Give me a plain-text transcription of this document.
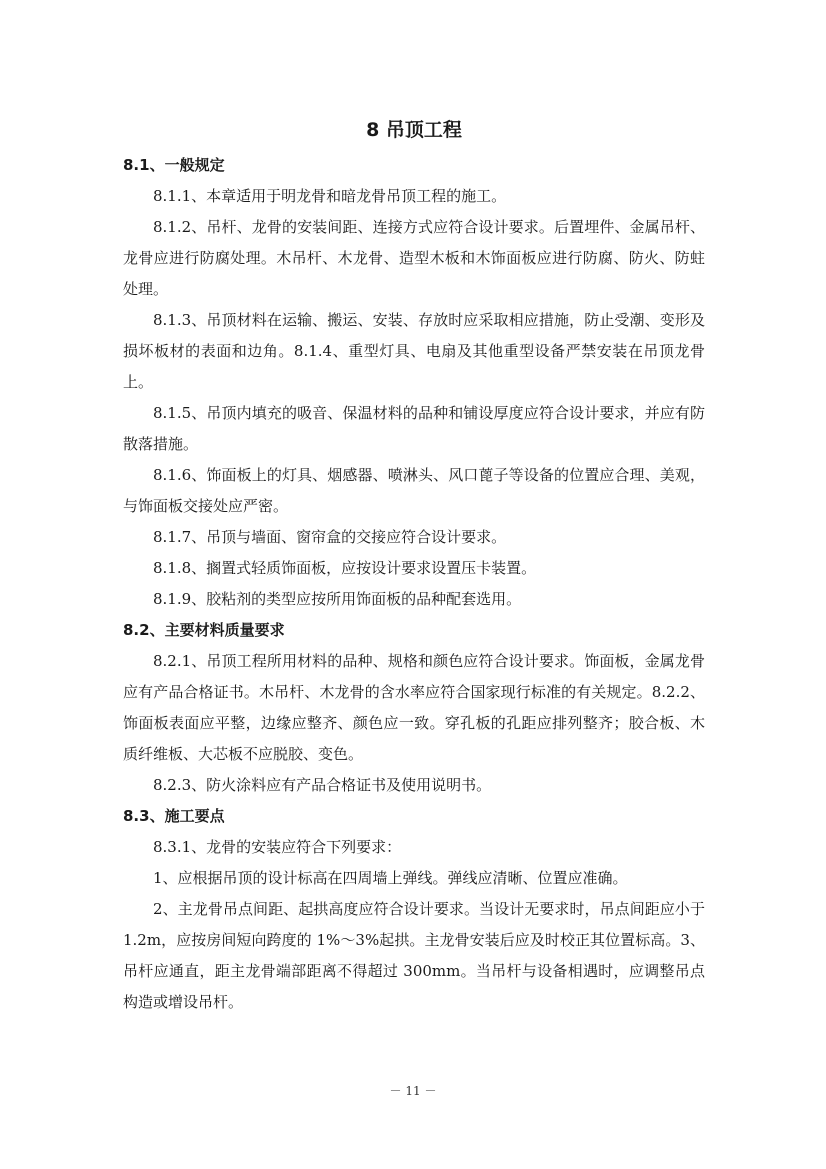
8 吊顶工程
8.1、一般规定

8.1.1、本章适用于明龙骨和暗龙骨吊顶工程的施工。

8.1.2、吊杆、龙骨的安装间距、连接方式应符合设计要求。后置埋件、金属吊杆、龙骨应进行防腐处理。木吊杆、木龙骨、造型木板和木饰面板应进行防腐、防火、防蛀处理。

8.1.3、吊顶材料在运输、搬运、安装、存放时应采取相应措施，防止受潮、变形及损坏板材的表面和边角。8.1.4、重型灯具、电扇及其他重型设备严禁安装在吊顶龙骨上。

8.1.5、吊顶内填充的吸音、保温材料的品种和铺设厚度应符合设计要求，并应有防散落措施。

8.1.6、饰面板上的灯具、烟感器、喷淋头、风口蓖子等设备的位置应合理、美观，与饰面板交接处应严密。

8.1.7、吊顶与墙面、窗帘盒的交接应符合设计要求。

8.1.8、搁置式轻质饰面板，应按设计要求设置压卡装置。

8.1.9、胶粘剂的类型应按所用饰面板的品种配套选用。

8.2、主要材料质量要求

8.2.1、吊顶工程所用材料的品种、规格和颜色应符合设计要求。饰面板，金属龙骨应有产品合格证书。木吊杆、木龙骨的含水率应符合国家现行标准的有关规定。8.2.2、饰面板表面应平整，边缘应整齐、颜色应一致。穿孔板的孔距应排列整齐；胶合板、木质纤维板、大芯板不应脱胶、变色。

8.2.3、防火涂料应有产品合格证书及使用说明书。

8.3、施工要点

8.3.1、龙骨的安装应符合下列要求：

1、应根据吊顶的设计标高在四周墙上弹线。弹线应清晰、位置应准确。

2、主龙骨吊点间距、起拱高度应符合设计要求。当设计无要求时，吊点间距应小于 1.2m，应按房间短向跨度的 1%～3%起拱。主龙骨安装后应及时校正其位置标高。3、吊杆应通直，距主龙骨端部距离不得超过 300mm。当吊杆与设备相遇时，应调整吊点构造或增设吊杆。

－ 11 －
